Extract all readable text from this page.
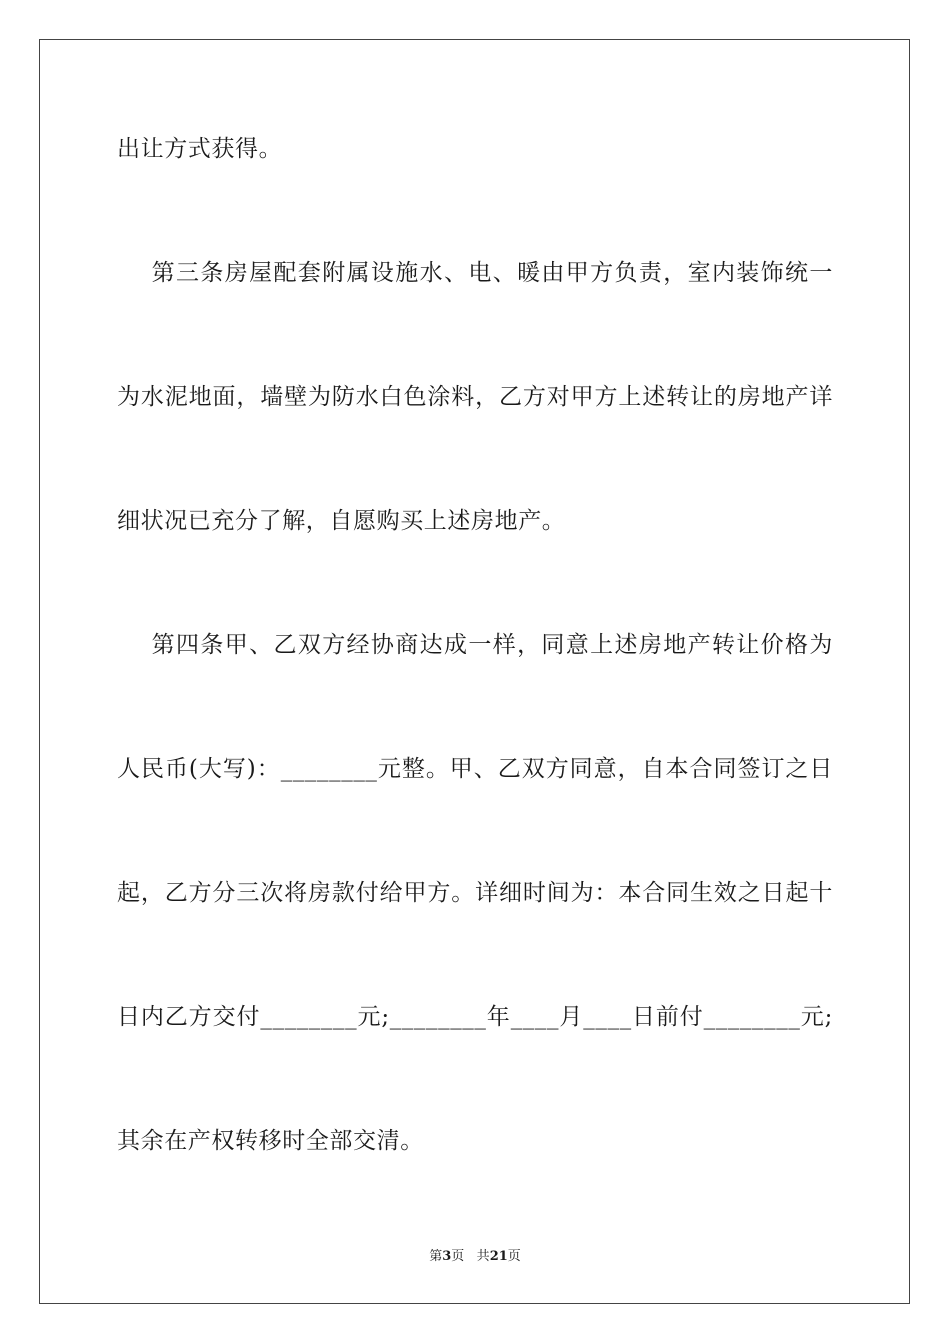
出让方式获得。
第三条房屋配套附属设施水、电、暖由甲方负责，室内装饰统一
为水泥地面，墙壁为防水白色涂料，乙方对甲方上述转让的房地产详
细状况已充分了解，自愿购买上述房地产。
第四条甲、乙双方经协商达成一样，同意上述房地产转让价格为
人民币(大写)：________元整。甲、乙双方同意，自本合同签订之日
起，乙方分三次将房款付给甲方。详细时间为：本合同生效之日起十
日内乙方交付________元;________年____月____日前付________元;
其余在产权转移时全部交清。
第3页 共21页
